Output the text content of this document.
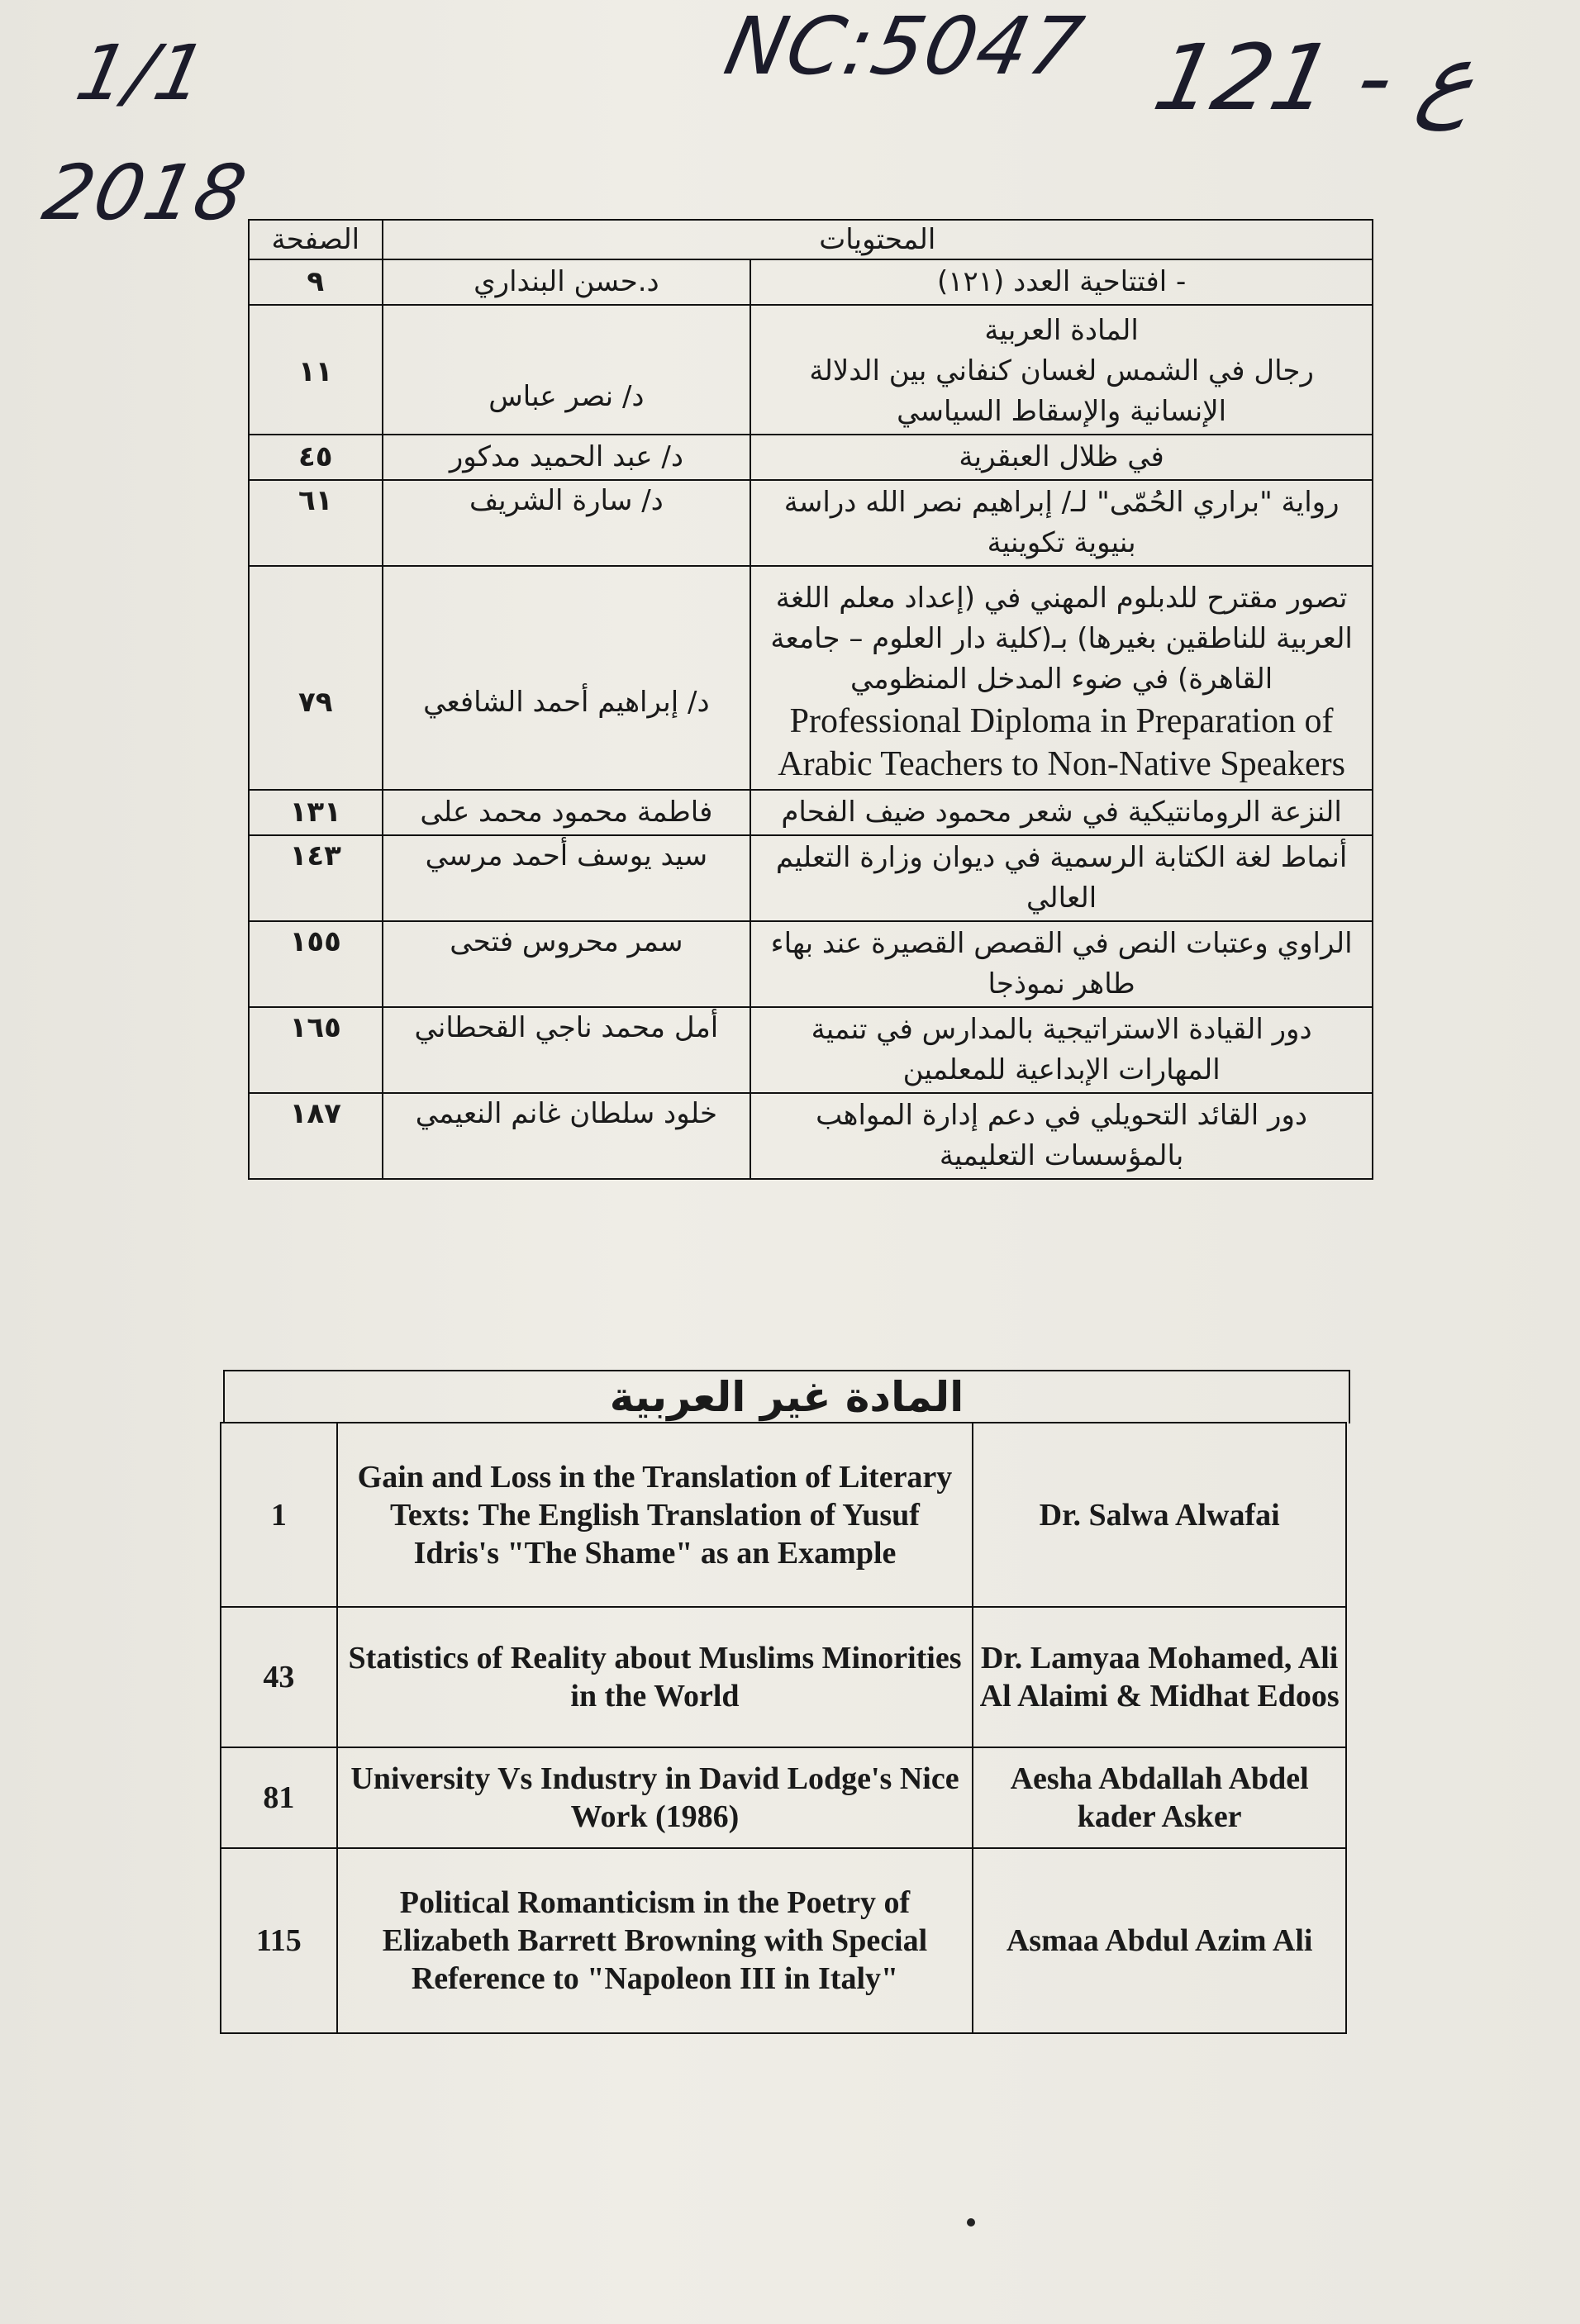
1/1
2018
NC:5047 121 - ع
المحتويات		الصفحة
- افتتاحية العدد (١٢١)	د.حسن البنداري	٩

المادة العربية
رجال في الشمس لغسان كنفاني بين الدلالة الإنسانية والإسقاط السياسي	د/ نصر عباس	١١
في ظلال العبقرية	د/ عبد الحميد مدكور	٤٥
رواية "براري الحُمّى" لـ/ إبراهيم نصر الله دراسة بنيوية تكوينية	د/ سارة الشريف	٦١

تصور مقترح للدبلوم المهني في (إعداد معلم اللغة العربية للناطقين بغيرها) بـ(كلية دار العلوم – جامعة القاهرة) في ضوء المدخل المنظومي
Professional Diploma in Preparation of Arabic Teachers to Non-Native Speakers	د/ إبراهيم أحمد الشافعي	٧٩
النزعة الرومانتيكية في شعر محمود ضيف الفحام	فاطمة محمود محمد على	١٣١
أنماط لغة الكتابة الرسمية في ديوان وزارة التعليم العالي	سيد يوسف أحمد مرسي	١٤٣
الراوي وعتبات النص في القصص القصيرة عند بهاء طاهر نموذجا	سمر محروس فتحى	١٥٥
دور القيادة الاستراتيجية بالمدارس في تنمية المهارات الإبداعية للمعلمين	أمل محمد ناجي القحطاني	١٦٥
دور القائد التحويلي في دعم إدارة المواهب بالمؤسسات التعليمية	خلود سلطان غانم النعيمي	١٨٧
المادة غير العربية
1	Gain and Loss in the Translation of Literary Texts: The English Translation of Yusuf Idris's "The Shame" as an Example	Dr. Salwa Alwafai
43	Statistics of Reality about Muslims Minorities in the World	Dr. Lamyaa Mohamed, Ali Al Alaimi & Midhat Edoos
81	University Vs Industry in David Lodge's Nice Work (1986)	Aesha Abdallah Abdel kader Asker
115	Political Romanticism in the Poetry of Elizabeth Barrett Browning with Special Reference to "Napoleon III in Italy"	Asmaa Abdul Azim Ali
